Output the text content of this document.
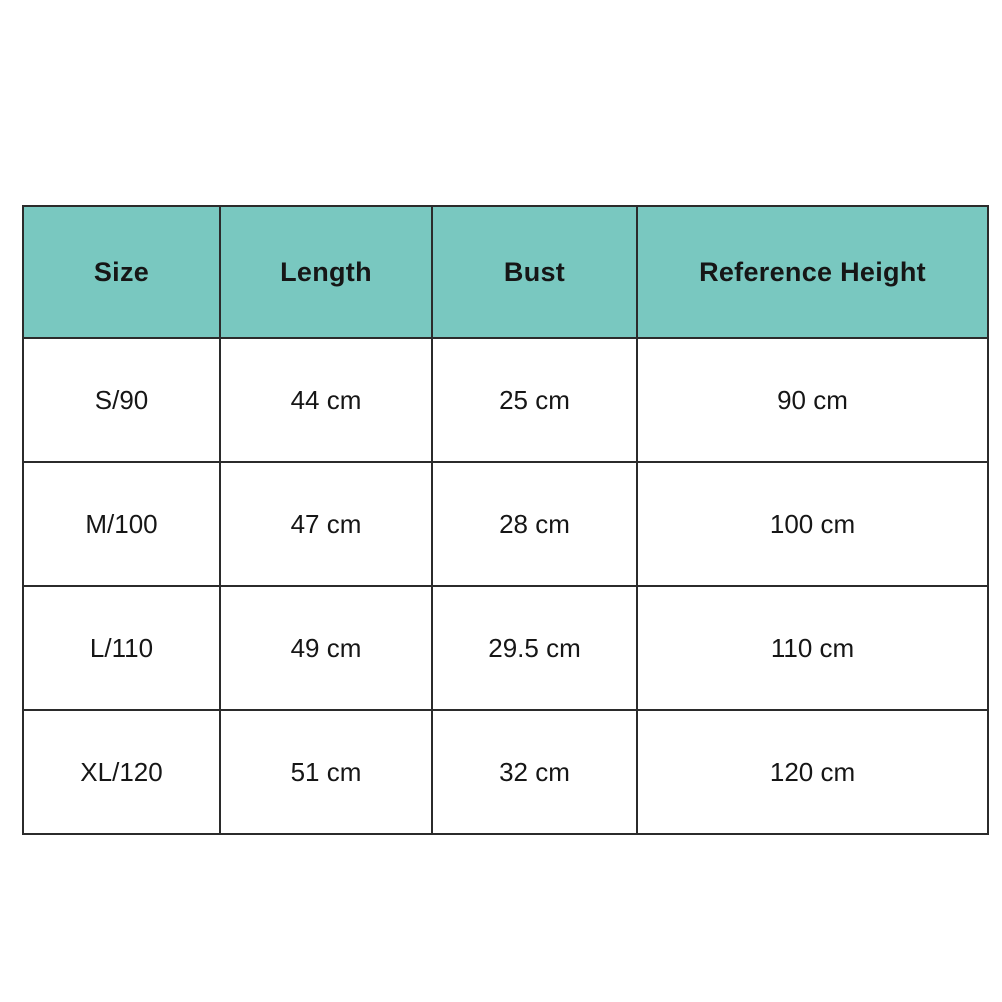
Size	Length	Bust	Reference Height
S/90	44 cm	25 cm	90 cm
M/100	47 cm	28 cm	100 cm
L/110	49 cm	29.5 cm	110 cm
XL/120	51 cm	32 cm	120 cm
